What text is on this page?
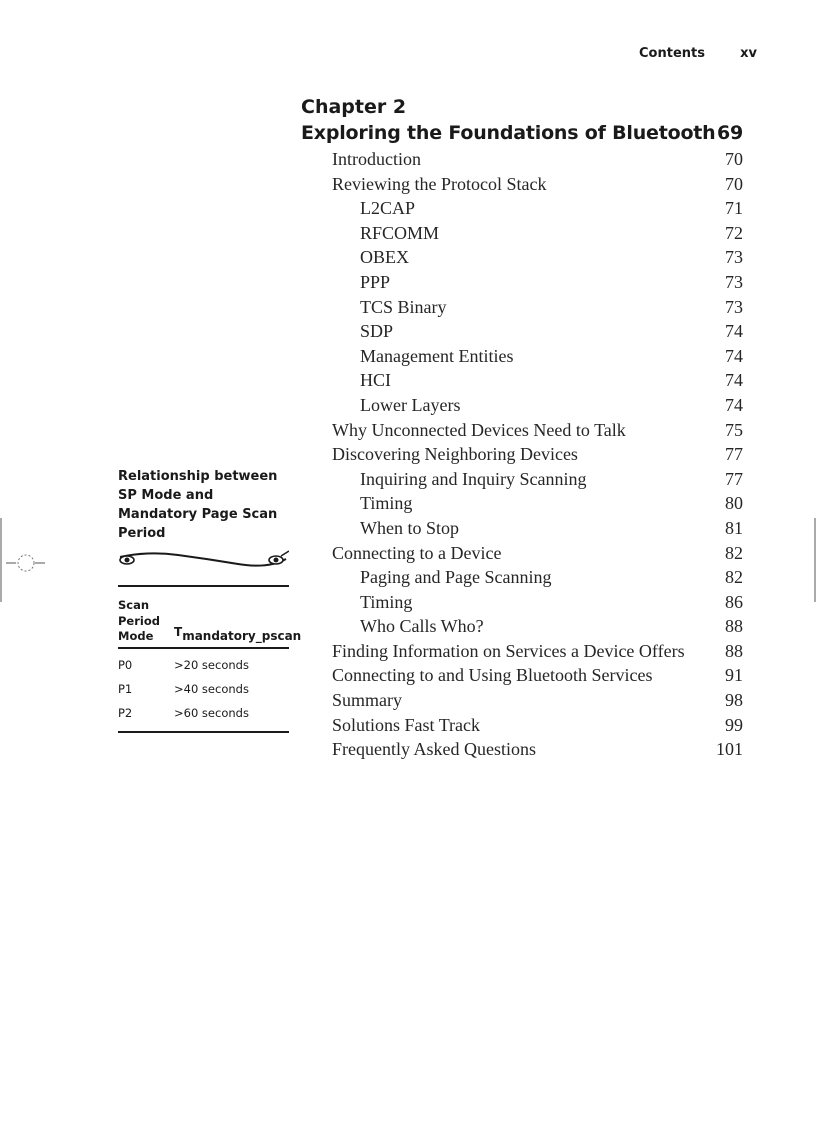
Contents	xv
Chapter 2
Exploring the Foundations of Bluetooth 69
Introduction	70
Reviewing the Protocol Stack	70
L2CAP	71
RFCOMM	72
OBEX	73
PPP	73
TCS Binary	73
SDP	74
Management Entities	74
HCI	74
Lower Layers	74
Why Unconnected Devices Need to Talk	75
Discovering Neighboring Devices	77
Inquiring and Inquiry Scanning	77
Timing	80
When to Stop	81
Connecting to a Device	82
Paging and Page Scanning	82
Timing	86
Who Calls Who?	88
Finding Information on Services a Device Offers 88
Connecting to and Using Bluetooth Services	91
Summary	98
Solutions Fast Track	99
Frequently Asked Questions	101
Relationship between SP Mode and Mandatory Page Scan Period
Scan Period Mode	Tmandatory_pscan
P0	>20 seconds
P1	>40 seconds
P2	>60 seconds
